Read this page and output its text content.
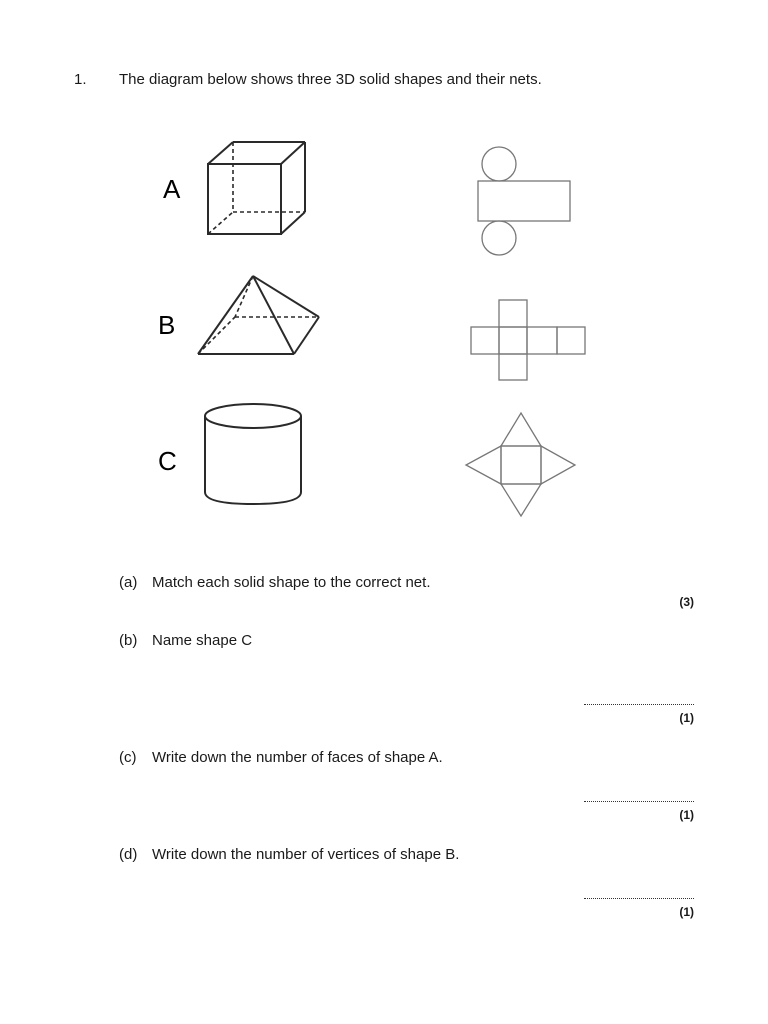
1. The diagram below shows three 3D solid shapes and their nets.
A
B
C
(a) Match each solid shape to the correct net.
(3)
(b) Name shape C
(1)
(c) Write down the number of faces of shape A.
(1)
(d) Write down the number of vertices of shape B.
(1)
